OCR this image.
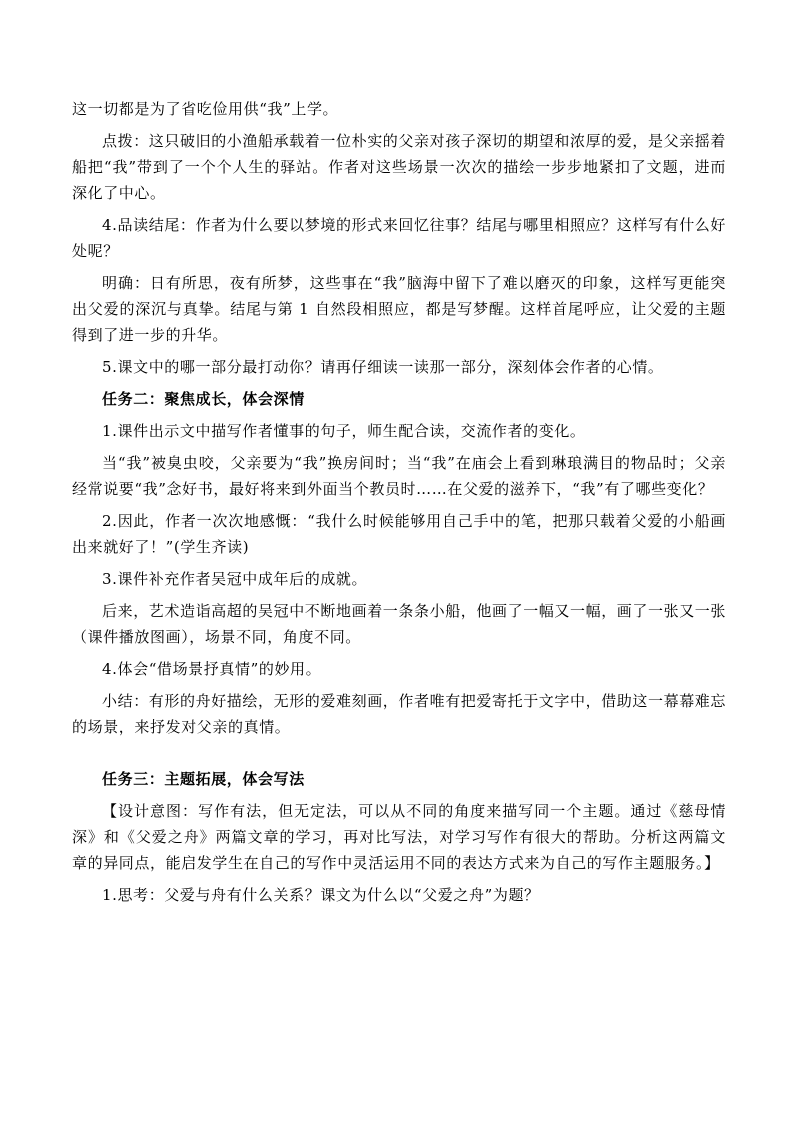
这一切都是为了省吃俭用供“我”上学。

点拨：这只破旧的小渔船承载着一位朴实的父亲对孩子深切的期望和浓厚的爱，是父亲摇着船把“我”带到了一个个人生的驿站。作者对这些场景一次次的描绘一步步地紧扣了文题，进而深化了中心。

4.品读结尾：作者为什么要以梦境的形式来回忆往事？结尾与哪里相照应？这样写有什么好处呢？

明确：日有所思，夜有所梦，这些事在“我”脑海中留下了难以磨灭的印象，这样写更能突出父爱的深沉与真挚。结尾与第 1 自然段相照应，都是写梦醒。这样首尾呼应，让父爱的主题得到了进一步的升华。

5.课文中的哪一部分最打动你？请再仔细读一读那一部分，深刻体会作者的心情。

任务二：聚焦成长，体会深情

1.课件出示文中描写作者懂事的句子，师生配合读，交流作者的变化。

当“我”被臭虫咬，父亲要为“我”换房间时；当“我”在庙会上看到琳琅满目的物品时；父亲经常说要“我”念好书，最好将来到外面当个教员时……在父爱的滋养下，“我”有了哪些变化？

2.因此，作者一次次地感慨：“我什么时候能够用自己手中的笔，把那只载着父爱的小船画出来就好了！”(学生齐读)

3.课件补充作者吴冠中成年后的成就。

后来，艺术造诣高超的吴冠中不断地画着一条条小船，他画了一幅又一幅，画了一张又一张（课件播放图画），场景不同，角度不同。

4.体会“借场景抒真情”的妙用。

小结：有形的舟好描绘，无形的爱难刻画，作者唯有把爱寄托于文字中，借助这一幕幕难忘的场景，来抒发对父亲的真情。

任务三：主题拓展，体会写法

【设计意图：写作有法，但无定法，可以从不同的角度来描写同一个主题。通过《慈母情深》和《父爱之舟》两篇文章的学习，再对比写法，对学习写作有很大的帮助。分析这两篇文章的异同点，能启发学生在自己的写作中灵活运用不同的表达方式来为自己的写作主题服务。】

1.思考：父爱与舟有什么关系？课文为什么以“父爱之舟”为题？
